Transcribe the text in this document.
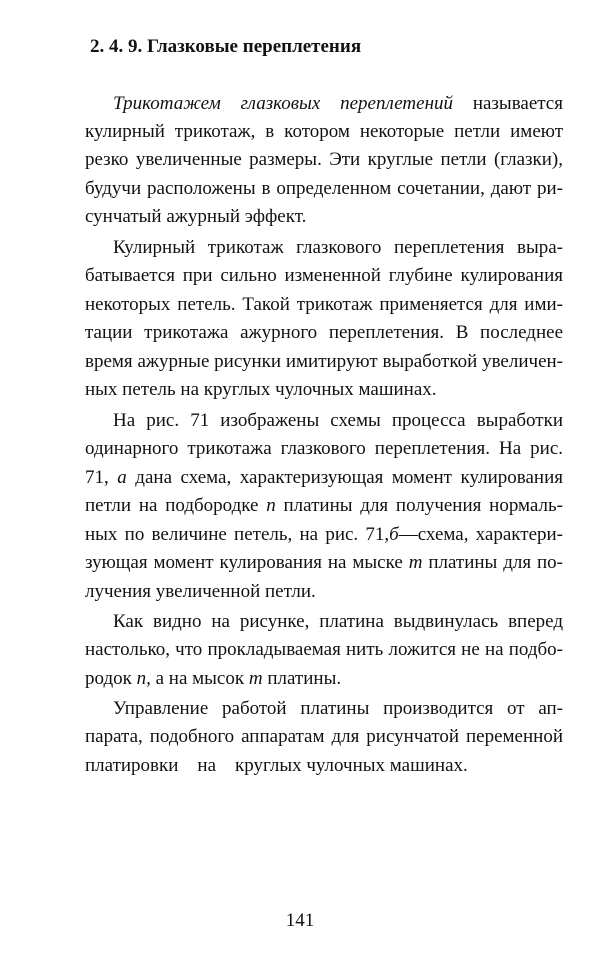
2. 4. 9. Глазковые переплетения
Трикотажем глазковых переплетений называется
кулирный трикотаж, в котором некоторые петли имеют
резко увеличенные размеры. Эти круглые петли (глазки),
будучи расположены в определенном сочетании, дают ри-
сунчатый ажурный эффект.
Кулирный трикотаж глазкового переплетения выра-
батывается при сильно измененной глубине кулирования
некоторых петель. Такой трикотаж применяется для ими-
тации трикотажа ажурного переплетения. В последнее
время ажурные рисунки имитируют выработкой увеличен-
ных петель на круглых чулочных машинах.
На рис. 71 изображены схемы процесса выработки
одинарного трикотажа глазкового переплетения. На рис.
71, а дана схема, характеризующая момент кулирования
петли на подбородке п платины для получения нормаль-
ных по величине петель, на рис. 71,б—схема, характери-
зующая момент кулирования на мыске т платины для по-
лучения увеличенной петли.
Как видно на рисунке, платина выдвинулась вперед
настолько, что прокладываемая нить ложится не на подбо-
родок п, а на мысок т платины.
Управление работой платины производится от ап-
парата, подобного аппаратам для рисунчатой переменной
платировки    на    круглых чулочных машинах.
141
